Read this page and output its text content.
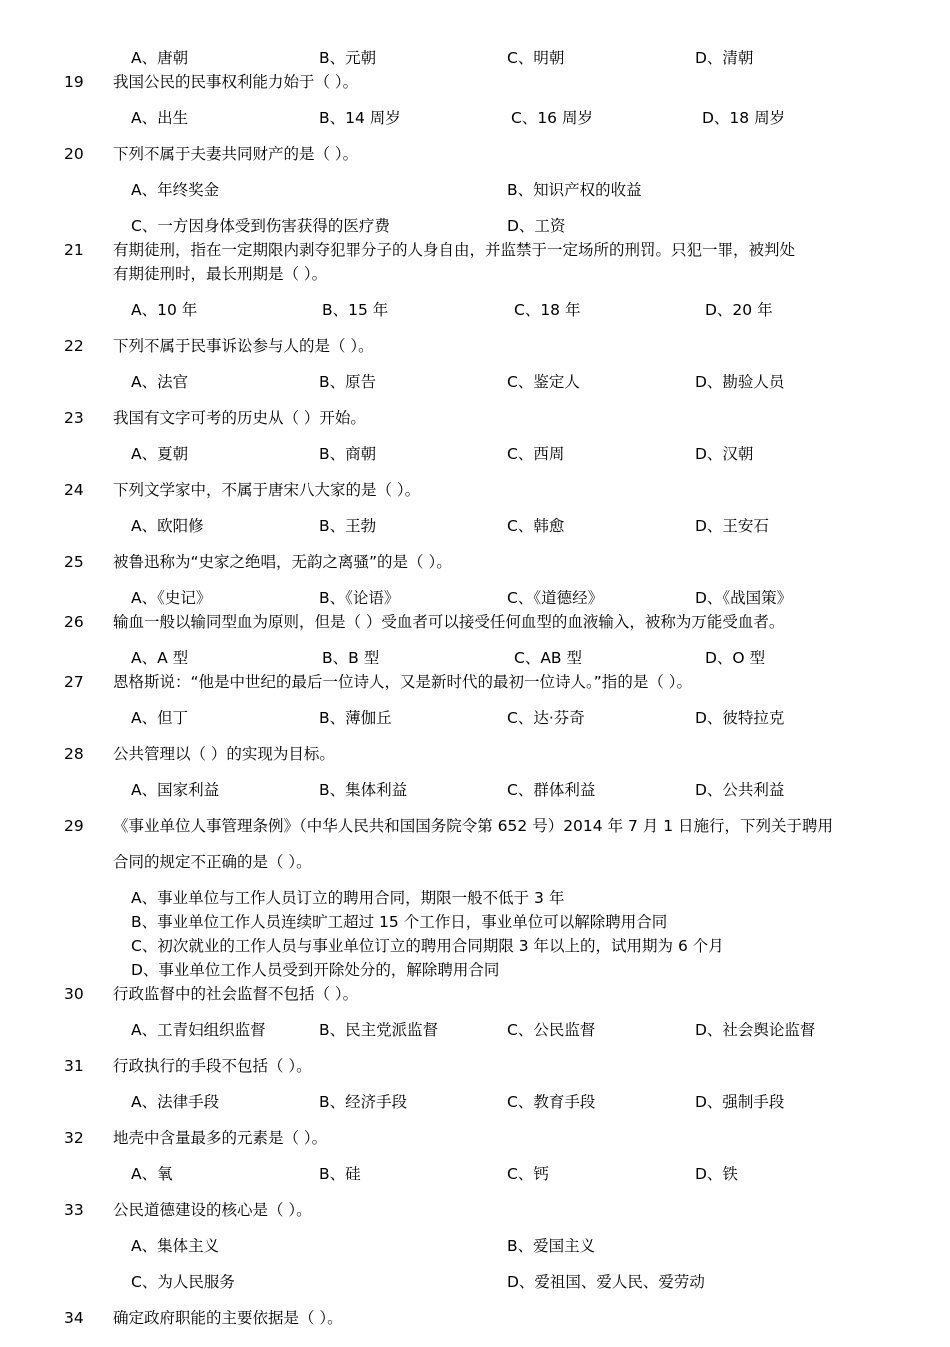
A、唐朝	B、元朝	C、明朝	D、清朝
19 我国公民的民事权利能力始于（ ）。
A、出生	B、14 周岁	C、16 周岁	D、18 周岁
20 下列不属于夫妻共同财产的是（ ）。
A、年终奖金	B、知识产权的收益
C、一方因身体受到伤害获得的医疗费	D、工资
21 有期徒刑，指在一定期限内剥夺犯罪分子的人身自由，并监禁于一定场所的刑罚。只犯一罪，被判处
有期徒刑时，最长刑期是（ ）。
A、10 年	B、15 年	C、18 年	D、20 年
22 下列不属于民事诉讼参与人的是（ ）。
A、法官	B、原告	C、鉴定人	D、勘验人员
23 我国有文字可考的历史从（ ）开始。
A、夏朝	B、商朝	C、西周	D、汉朝
24 下列文学家中，不属于唐宋八大家的是（ ）。
A、欧阳修	B、王勃	C、韩愈	D、王安石
25 被鲁迅称为“史家之绝唱，无韵之离骚”的是（ ）。
A、《史记》	B、《论语》	C、《道德经》	D、《战国策》
26 输血一般以输同型血为原则，但是（ ）受血者可以接受任何血型的血液输入，被称为万能受血者。
A、A 型	B、B 型	C、AB 型	D、O 型
27 恩格斯说：“他是中世纪的最后一位诗人，又是新时代的最初一位诗人。”指的是（ ）。
A、但丁	B、薄伽丘	C、达·芬奇	D、彼特拉克
28 公共管理以（ ）的实现为目标。
A、国家利益	B、集体利益	C、群体利益	D、公共利益
29 《事业单位人事管理条例》（中华人民共和国国务院令第 652 号）2014 年 7 月 1 日施行，下列关于聘用
合同的规定不正确的是（ ）。
A、事业单位与工作人员订立的聘用合同，期限一般不低于 3 年
B、事业单位工作人员连续旷工超过 15 个工作日，事业单位可以解除聘用合同
C、初次就业的工作人员与事业单位订立的聘用合同期限 3 年以上的，试用期为 6 个月
D、事业单位工作人员受到开除处分的，解除聘用合同
30 行政监督中的社会监督不包括（ ）。
A、工青妇组织监督	B、民主党派监督	C、公民监督	D、社会舆论监督
31 行政执行的手段不包括（ ）。
A、法律手段	B、经济手段	C、教育手段	D、强制手段
32 地壳中含量最多的元素是（ ）。
A、氧	B、硅	C、钙	D、铁
33 公民道德建设的核心是（ ）。
A、集体主义	B、爱国主义
C、为人民服务	D、爱祖国、爱人民、爱劳动
34 确定政府职能的主要依据是（ ）。
